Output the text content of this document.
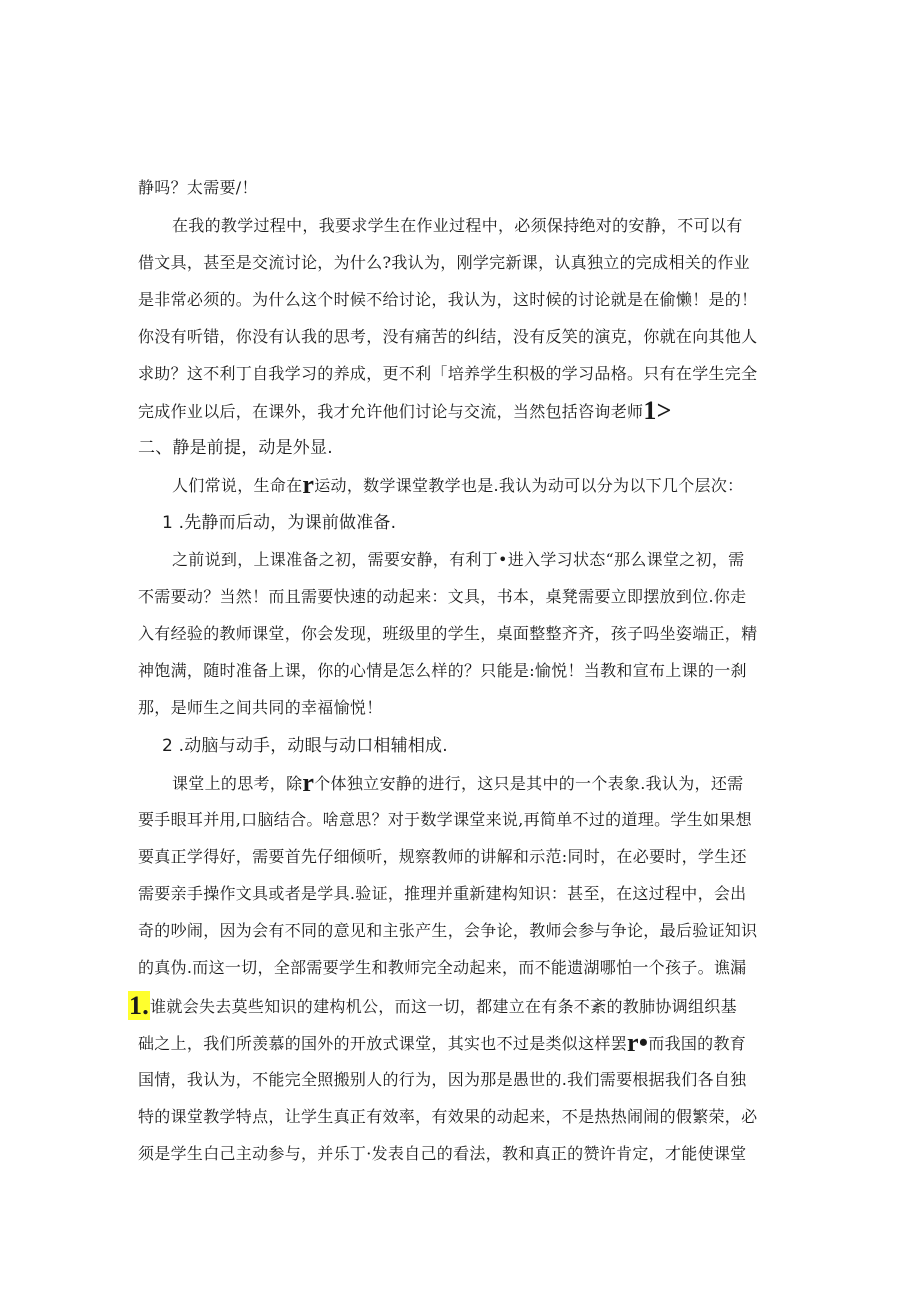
静吗？太需要/！

在我的教学过程中，我要求学生在作业过程中，必须保持绝对的安静，不可以有

借文具，甚至是交流讨论，为什么?我认为，刚学完新课，认真独立的完成相关的作业

是非常必须的。为什么这个时候不给讨论，我认为，这时候的讨论就是在偷懒！是的！

你没有听错，你没有认我的思考，没有痛苦的纠结，没有反笑的演克，你就在向其他人

求助？这不利丁自我学习的养成，更不利「培养学生积极的学习品格。只有在学生完全

完成作业以后，在课外，我才允许他们讨论与交流，当然包括咨询老师1>

二、静是前提，动是外显.

人们常说，生命在r运动，数学课堂教学也是.我认为动可以分为以下几个层次：

1 .先静而后动，为课前做准备.

之前说到，上课准备之初，需要安静，有利丁•进入学习状态“那么课堂之初，需

不需要动？当然！而且需要快速的动起来：文具，书本，桌凳需要立即摆放到位.你走

入有经验的教师课堂，你会发现，班级里的学生，桌面整整齐齐，孩子吗坐姿端正，精

神饱满，随时准备上课，你的心情是怎么样的？只能是:愉悦！当教和宣布上课的一刹

那，是师生之间共同的幸福愉悦！

2 .动脑与动手，动眼与动口相辅相成.

课堂上的思考，除r个体独立安静的进行，这只是其中的一个表象.我认为，还需

要手眼耳并用,口脑结合。啥意思？对于数学课堂来说,再简单不过的道理。学生如果想

要真正学得好，需要首先仔细倾听，规察教师的讲解和示范:同时，在必要时，学生还

需要亲手操作文具或者是学具.验证，推理并重新建构知识：甚至，在这过程中，会出

奇的吵闹，因为会有不同的意见和主张产生，会争论，教师会参与争论，最后验证知识

的真伪.而这一切，全部需要学生和教师完全动起来，而不能遗湖哪怕一个孩子。谯漏

1.谁就会失去莫些知识的建构机公，而这一切，都建立在有条不紊的教肺协调组织基

础之上，我们所羡慕的国外的开放式课堂，其实也不过是类似这样罢r•而我国的教育

国情，我认为，不能完全照搬别人的行为，因为那是愚世的.我们需要根据我们各自独

特的课堂教学特点，让学生真正有效率，有效果的动起来，不是热热闹闹的假繁荣，必

须是学生白己主动参与，并乐丁·发表自己的看法，教和真正的赞许肯定，才能使课堂
